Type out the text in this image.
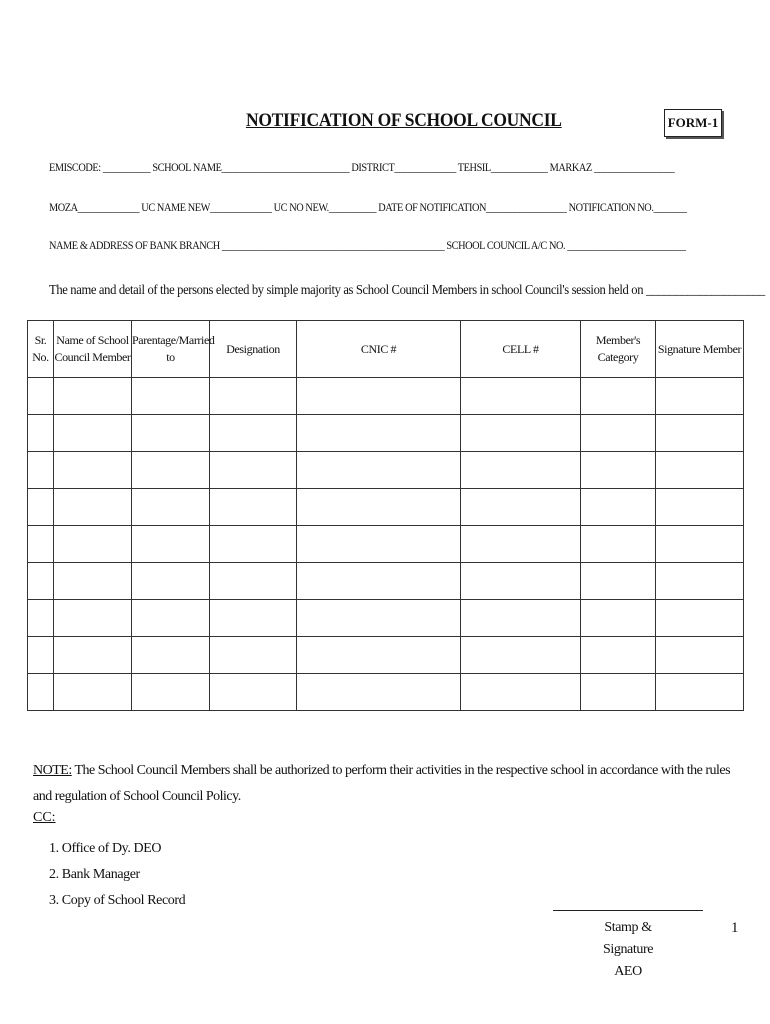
NOTIFICATION OF SCHOOL COUNCIL	FORM-1
EMISCODE: __________ SCHOOL NAME___________________________ DISTRICT_____________ TEHSIL____________ MARKAZ _________________
MOZA_____________ UC NAME NEW_____________ UC NO NEW.__________ DATE OF NOTIFICATION_________________ NOTIFICATION NO._______
NAME & ADDRESS OF BANK BRANCH _______________________________________________ SCHOOL COUNCIL A/C NO. _________________________
The name and detail of the persons elected by simple majority as School Council Members in school Council's session held on ____________________
Sr. No.	Name of School Council Member	Parentage/Married to	Designation	CNIC #	CELL #	Member's Category	Signature Member

NOTE: The School Council Members shall be authorized to perform their activities in the respective school in accordance with the rules and regulation of School Council Policy.
CC:
1. Office of Dy. DEO
2. Bank Manager
3. Copy of School Record
Stamp & Signature
AEO
1
